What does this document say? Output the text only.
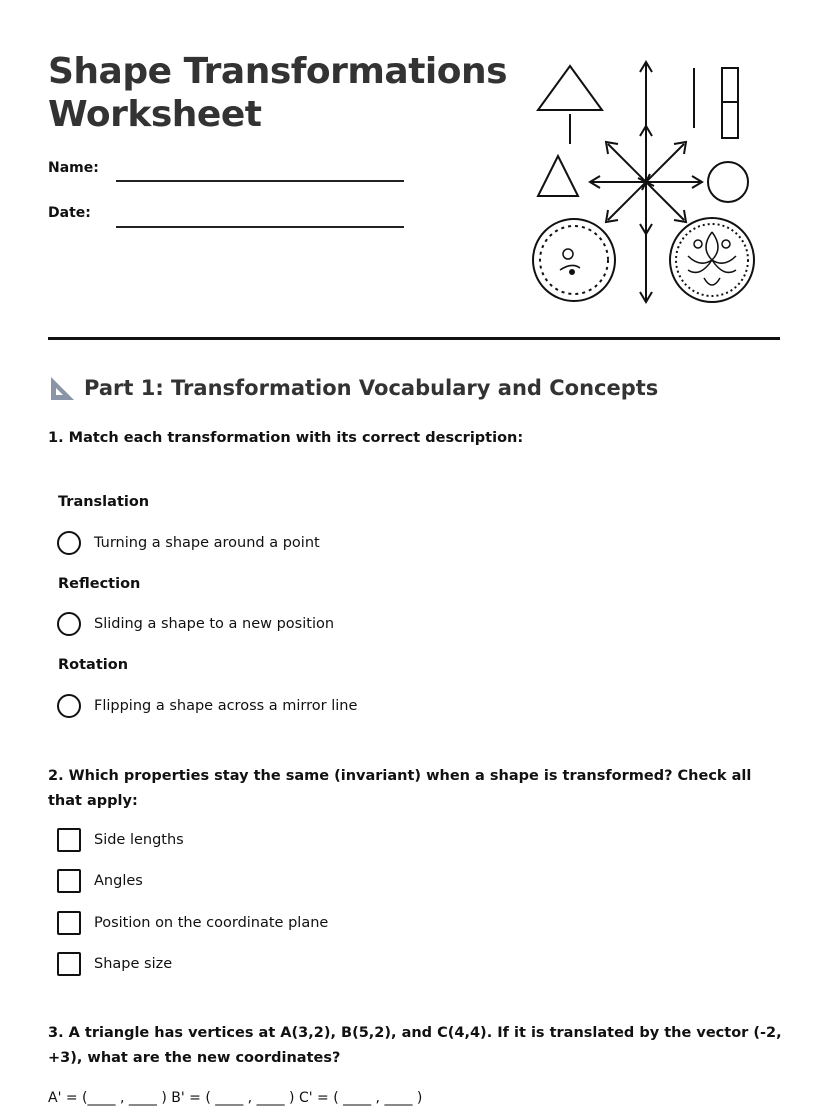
Shape Transformations Worksheet
Name:
Date:
Part 1: Transformation Vocabulary and Concepts
1. Match each transformation with its correct description:
Translation
Turning a shape around a point
Reflection
Sliding a shape to a new position
Rotation
Flipping a shape across a mirror line
2. Which properties stay the same (invariant) when a shape is transformed? Check all that apply:
Side lengths
Angles
Position on the coordinate plane
Shape size
3. A triangle has vertices at A(3,2), B(5,2), and C(4,4). If it is translated by the vector (-2, +3), what are the new coordinates?
A' = (____ , ____ ) B' = ( ____ , ____ ) C' = ( ____ , ____ )
